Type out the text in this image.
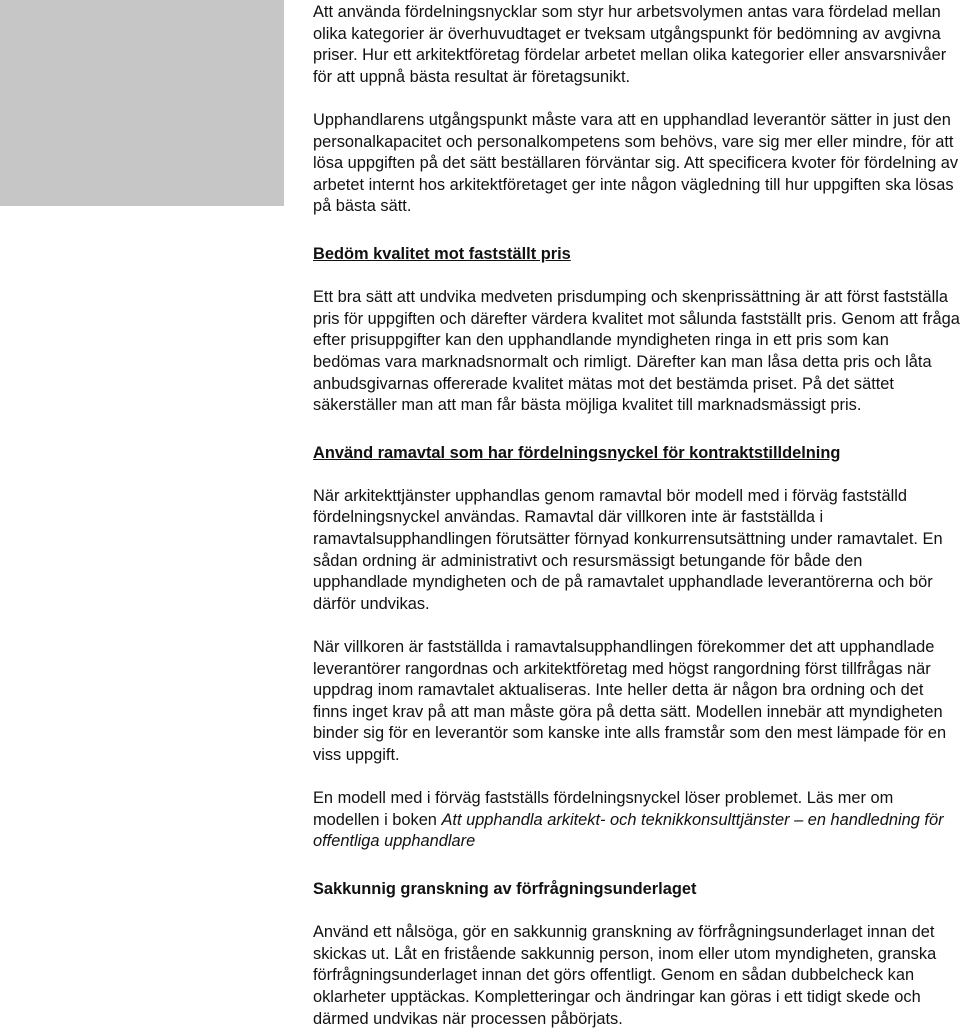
Att använda fördelningsnycklar som styr hur arbetsvolymen antas vara fördelad mellan olika kategorier är överhuvudtaget er tveksam utgångspunkt för bedömning av avgivna priser. Hur ett arkitektföretag fördelar arbetet mellan olika kategorier eller ansvarsnivåer för att uppnå bästa resultat är företagsunikt.

Upphandlarens utgångspunkt måste vara att en upphandlad leverantör sätter in just den personalkapacitet och personalkompetens som behövs, vare sig mer eller mindre, för att lösa uppgiften på det sätt beställaren förväntar sig. Att specificera kvoter för fördelning av arbetet internt hos arkitektföretaget ger inte någon vägledning till hur uppgiften ska lösas på bästa sätt.

Bedöm kvalitet mot fastställt pris

Ett bra sätt att undvika medveten prisdumping och skenprissättning är att först fastställa pris för uppgiften och därefter värdera kvalitet mot sålunda fastställt pris. Genom att fråga efter prisuppgifter kan den upphandlande myndigheten ringa in ett pris som kan bedömas vara marknadsnormalt och rimligt. Därefter kan man låsa detta pris och låta anbudsgivarnas offererade kvalitet mätas mot det bestämda priset. På det sättet säkerställer man att man får bästa möjliga kvalitet till marknadsmässigt pris.

Använd ramavtal som har fördelningsnyckel för kontraktstilldelning

När arkitekttjänster upphandlas genom ramavtal bör modell med i förväg fastställd fördelningsnyckel användas. Ramavtal där villkoren inte är fastställda i ramavtalsupphandlingen förutsätter förnyad konkurrensutsättning under ramavtalet. En sådan ordning är administrativt och resursmässigt betungande för både den upphandlade myndigheten och de på ramavtalet upphandlade leverantörerna och bör därför undvikas.

När villkoren är fastställda i ramavtalsupphandlingen förekommer det att upphandlade leverantörer rangordnas och arkitektföretag med högst rangordning först tillfrågas när uppdrag inom ramavtalet aktualiseras. Inte heller detta är någon bra ordning och det finns inget krav på att man måste göra på detta sätt. Modellen innebär att myndigheten binder sig för en leverantör som kanske inte alls framstår som den mest lämpade för en viss uppgift.

En modell med i förväg fastställs fördelningsnyckel löser problemet. Läs mer om modellen i boken Att upphandla arkitekt- och teknikkonsulttjänster – en handledning för offentliga upphandlare

Sakkunnig granskning av förfrågningsunderlaget

Använd ett nålsöga, gör en sakkunnig granskning av förfrågningsunderlaget innan det skickas ut. Låt en fristående sakkunnig person, inom eller utom myndigheten, granska förfrågningsunderlaget innan det görs offentligt. Genom en sådan dubbelcheck kan oklarheter upptäckas. Kompletteringar och ändringar kan göras i ett tidigt skede och därmed undvikas när processen påbörjats.
